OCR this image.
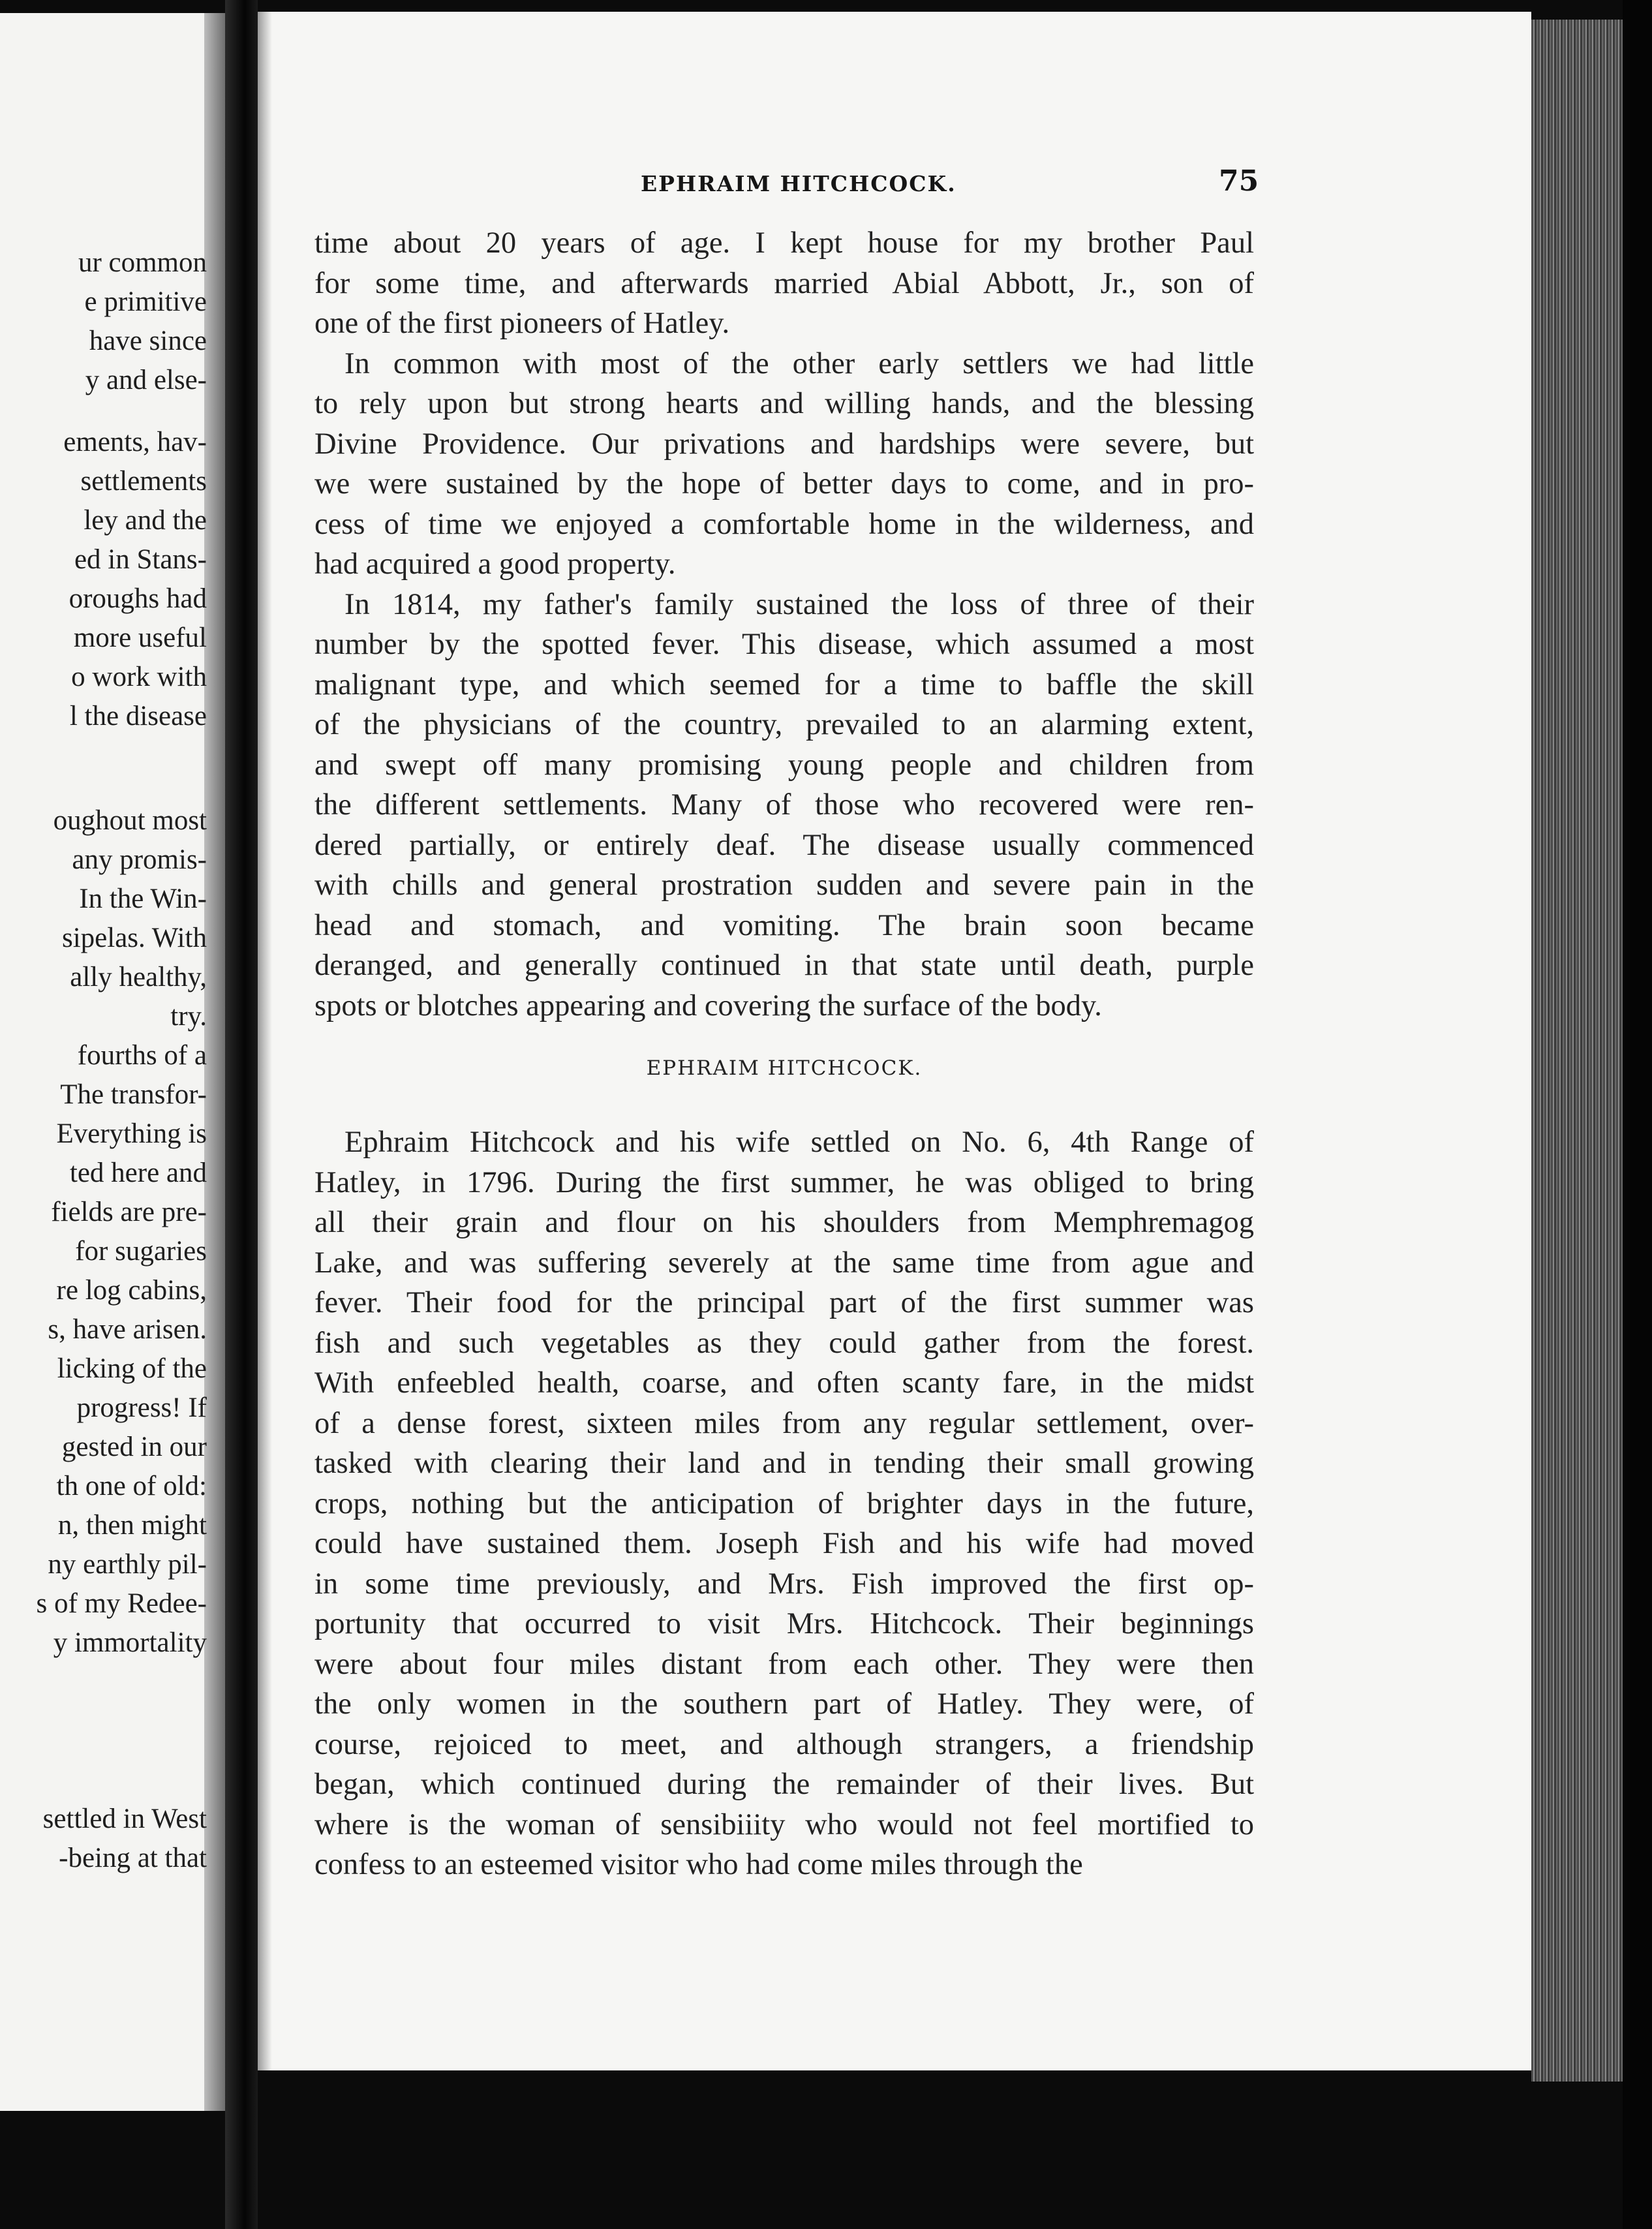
ur common
e primitive
have since
y and else-
ements, hav-
settlements
ley and the
ed in Stans-
oroughs had
more useful
o work with
l the disease
oughout most
any promis-
In the Win-
sipelas. With
ally healthy,
try.
fourths of a
The transfor-
Everything is
ted here and
fields are pre-
for sugaries
re log cabins,
s, have arisen.
licking of the
progress! If
gested in our
th one of old:
n, then might
ny earthly pil-
s of my Redee-
y immortality
settled in West
-being at that
EPHRAIM HITCHCOCK.	75
EPHRAIM HITCHCOCK.
time about 20 years of age. I kept house for my brother Paul
for some time, and afterwards married Abial Abbott, Jr., son of
one of the first pioneers of Hatley.
In common with most of the other early settlers we had little
to rely upon but strong hearts and willing hands, and the blessing
Divine Providence. Our privations and hardships were severe, but
we were sustained by the hope of better days to come, and in pro-
cess of time we enjoyed a comfortable home in the wilderness, and
had acquired a good property.
In 1814, my father's family sustained the loss of three of their
number by the spotted fever. This disease, which assumed a most
malignant type, and which seemed for a time to baffle the skill
of the physicians of the country, prevailed to an alarming extent,
and swept off many promising young people and children from
the different settlements. Many of those who recovered were ren-
dered partially, or entirely deaf. The disease usually commenced
with chills and general prostration sudden and severe pain in the
head and stomach, and vomiting. The brain soon became
deranged, and generally continued in that state until death, purple
spots or blotches appearing and covering the surface of the body.
Ephraim Hitchcock and his wife settled on No. 6, 4th Range of
Hatley, in 1796. During the first summer, he was obliged to bring
all their grain and flour on his shoulders from Memphremagog
Lake, and was suffering severely at the same time from ague and
fever. Their food for the principal part of the first summer was
fish and such vegetables as they could gather from the forest.
With enfeebled health, coarse, and often scanty fare, in the midst
of a dense forest, sixteen miles from any regular settlement, over-
tasked with clearing their land and in tending their small growing
crops, nothing but the anticipation of brighter days in the future,
could have sustained them. Joseph Fish and his wife had moved
in some time previously, and Mrs. Fish improved the first op-
portunity that occurred to visit Mrs. Hitchcock. Their beginnings
were about four miles distant from each other. They were then
the only women in the southern part of Hatley. They were, of
course, rejoiced to meet, and although strangers, a friendship
began, which continued during the remainder of their lives. But
where is the woman of sensibiiity who would not feel mortified to
confess to an esteemed visitor who had come miles through the
